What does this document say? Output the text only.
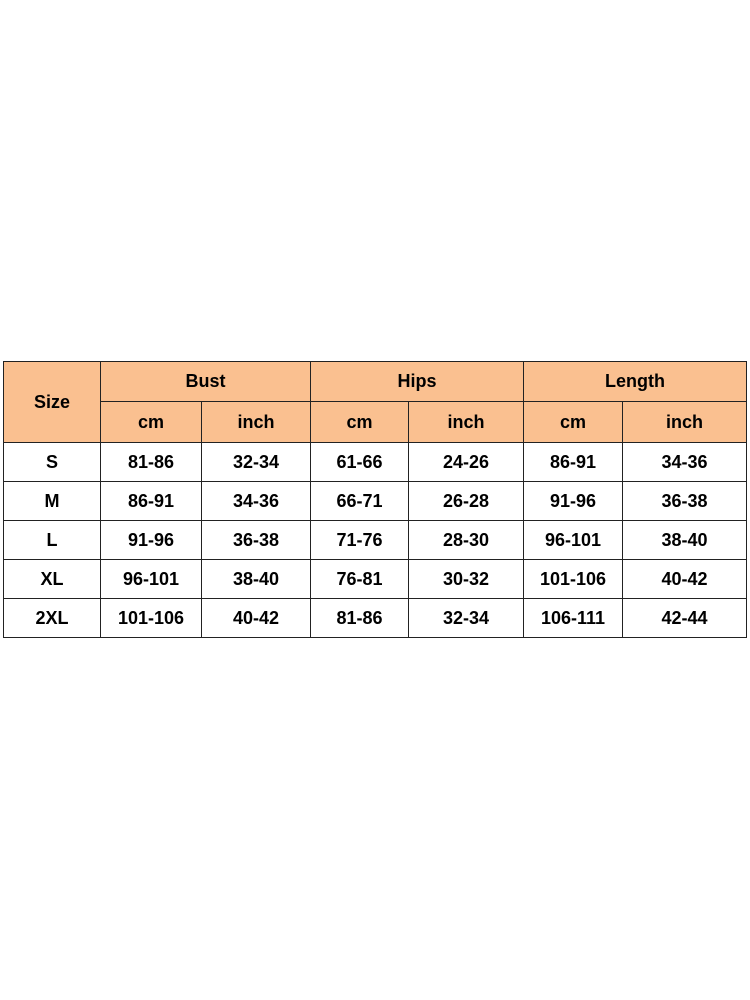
Size	Bust		Hips		Length	
	cm	inch	cm	inch	cm	inch
S	81-86	32-34	61-66	24-26	86-91	34-36
M	86-91	34-36	66-71	26-28	91-96	36-38
L	91-96	36-38	71-76	28-30	96-101	38-40
XL	96-101	38-40	76-81	30-32	101-106	40-42
2XL	101-106	40-42	81-86	32-34	106-111	42-44
